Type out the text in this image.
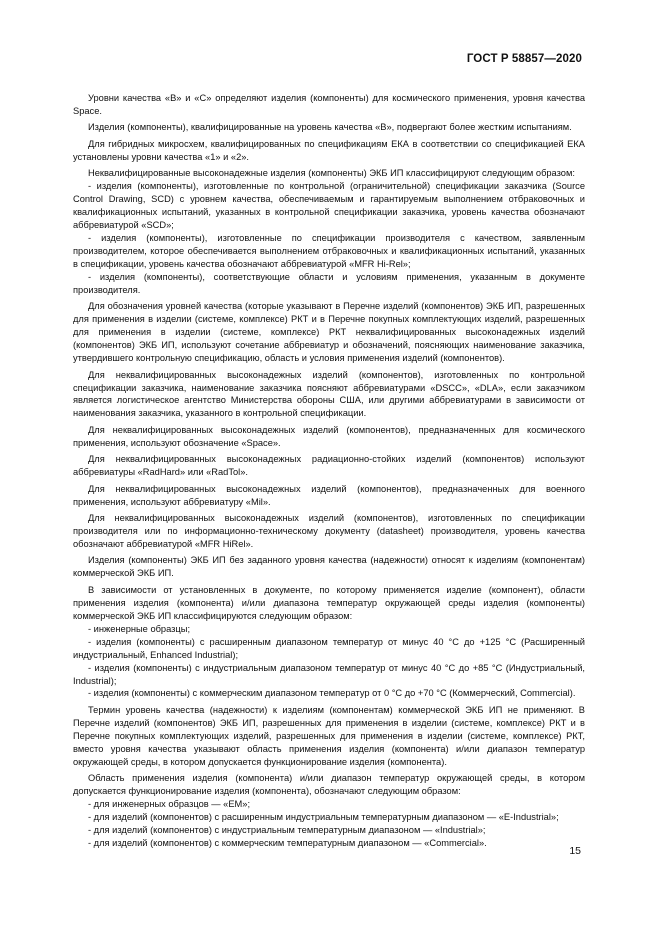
ГОСТ Р 58857—2020

Уровни качества «B» и «C» определяют изделия (компоненты) для космического применения, уровня качества Space.

Изделия (компоненты), квалифицированные на уровень качества «B», подвергают более жестким испытаниям.

Для гибридных микросхем, квалифицированных по спецификациям ЕКА в соответствии со спецификацией ЕКА установлены уровни качества «1» и «2».

Неквалифицированные высоконадежные изделия (компоненты) ЭКБ ИП классифицируют следующим образом:

- изделия (компоненты), изготовленные по контрольной (ограничительной) спецификации заказчика (Source Control Drawing, SCD) с уровнем качества, обеспечиваемым и гарантируемым выполнением отбраковочных и квалификационных испытаний, указанных в контрольной спецификации заказчика, уровень качества обозначают аббревиатурой «SCD»;

- изделия (компоненты), изготовленные по спецификации производителя с качеством, заявленным производителем, которое обеспечивается выполнением отбраковочных и квалификационных испытаний, указанных в спецификации, уровень качества обозначают аббревиатурой «MFR Hi-Rel»;

- изделия (компоненты), соответствующие области и условиям применения, указанным в документе производителя.

Для обозначения уровней качества (которые указывают в Перечне изделий (компонентов) ЭКБ ИП, разрешенных для применения в изделии (системе, комплексе) РКТ и в Перечне покупных комплектующих изделий, разрешенных для применения в изделии (системе, комплексе) РКТ неквалифицированных высоконадежных изделий (компонентов) ЭКБ ИП, используют сочетание аббревиатур и обозначений, поясняющих наименование заказчика, утвердившего контрольную спецификацию, область и условия применения изделий (компонентов).

Для неквалифицированных высоконадежных изделий (компонентов), изготовленных по контрольной спецификации заказчика, наименование заказчика поясняют аббревиатурами «DSCC», «DLA», если заказчиком является логистическое агентство Министерства обороны США, или другими аббревиатурами в зависимости от наименования заказчика, указанного в контрольной спецификации.

Для неквалифицированных высоконадежных изделий (компонентов), предназначенных для космического применения, используют обозначение «Space».

Для неквалифицированных высоконадежных радиационно-стойких изделий (компонентов) используют аббревиатуры «RadHard» или «RadTol».

Для неквалифицированных высоконадежных изделий (компонентов), предназначенных для военного применения, используют аббревиатуру «Mil».

Для неквалифицированных высоконадежных изделий (компонентов), изготовленных по спецификации производителя или по информационно-техническому документу (datasheet) производителя, уровень качества обозначают аббревиатурой «MFR HiRel».

Изделия (компоненты) ЭКБ ИП без заданного уровня качества (надежности) относят к изделиям (компонентам) коммерческой ЭКБ ИП.

В зависимости от установленных в документе, по которому применяется изделие (компонент), области применения изделия (компонента) и/или диапазона температур окружающей среды изделия (компоненты) коммерческой ЭКБ ИП классифицируются следующим образом:

- инженерные образцы;

- изделия (компоненты) с расширенным диапазоном температур от минус 40 °С до +125 °С (Расширенный индустриальный, Enhanced Industrial);

- изделия (компоненты) с индустриальным диапазоном температур от минус 40 °С до +85 °С (Индустриальный, Industrial);

- изделия (компоненты) с коммерческим диапазоном температур от 0 °С до +70 °С (Коммерческий, Commercial).

Термин уровень качества (надежности) к изделиям (компонентам) коммерческой ЭКБ ИП не применяют. В Перечне изделий (компонентов) ЭКБ ИП, разрешенных для применения в изделии (системе, комплексе) РКТ и в Перечне покупных комплектующих изделий, разрешенных для применения в изделии (системе, комплексе) РКТ, вместо уровня качества указывают область применения изделия (компонента) и/или диапазон температур окружающей среды, в котором допускается функционирование изделия (компонента).

Область применения изделия (компонента) и/или диапазон температур окружающей среды, в котором допускается функционирование изделия (компонента), обозначают следующим образом:

- для инженерных образцов — «EM»;

- для изделий (компонентов) с расширенным индустриальным температурным диапазоном — «E-Industrial»;

- для изделий (компонентов) с индустриальным температурным диапазоном — «Industrial»;

- для изделий (компонентов) с коммерческим температурным диапазоном — «Commercial».

15
